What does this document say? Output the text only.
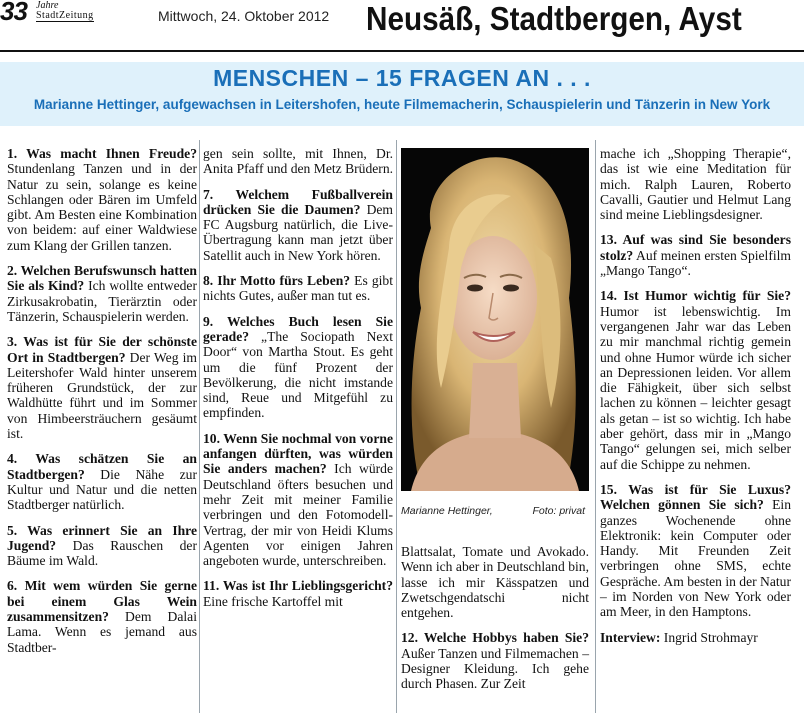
33 Jahre
StadtZeitung	Mittwoch, 24. Oktober 2012 Neusäß, Stadtbergen, Ayst
MENSCHEN – 15 FRAGEN AN . . .
Marianne Hettinger, aufgewachsen in Leitershofen, heute Filmemacherin, Schauspielerin und Tänzerin in New York

1. Was macht Ihnen Freude? Stundenlang Tanzen und in der Natur zu sein, solange es keine Schlangen oder Bären im Umfeld gibt. Am Besten eine Kombination von beidem: auf einer Waldwiese zum Klang der Grillen tanzen.

2. Welchen Berufswunsch hatten Sie als Kind? Ich wollte entweder Zirkusakrobatin, Tierärztin oder Tänzerin, Schauspielerin werden.

3. Was ist für Sie der schönste Ort in Stadtbergen? Der Weg im Leitershofer Wald hinter unserem früheren Grundstück, der zur Waldhütte führt und im Sommer von Himbeersträuchern gesäumt ist.

4. Was schätzen Sie an Stadtbergen? Die Nähe zur Kultur und Natur und die netten Stadtberger natürlich.

5. Was erinnert Sie an Ihre Jugend? Das Rauschen der Bäume im Wald.

6. Mit wem würden Sie gerne bei einem Glas Wein zusammensitzen? Dem Dalai Lama. Wenn es jemand aus Stadtber-

gen sein sollte, mit Ihnen, Dr. Anita Pfaff und den Metz Brüdern.

7. Welchem Fußballverein drücken Sie die Daumen? Dem FC Augsburg natürlich, die Live-Übertragung kann man jetzt über Satellit auch in New York hören.

8. Ihr Motto fürs Leben? Es gibt nichts Gutes, außer man tut es.

9. Welches Buch lesen Sie gerade? „The Sociopath Next Door“ von Martha Stout. Es geht um die fünf Prozent der Bevölkerung, die nicht imstande sind, Reue und Mitgefühl zu empfinden.

10. Wenn Sie nochmal von vorne anfangen dürften, was würden Sie anders machen? Ich würde Deutschland öfters besuchen und mehr Zeit mit meiner Familie verbringen und den Fotomodell-Vertrag, der mir von Heidi Klums Agenten vor einigen Jahren angeboten wurde, unterschreiben.

11. Was ist Ihr Lieblingsgericht? Eine frische Kartoffel mit

Marianne Hettinger,	Foto: privat

Blattsalat, Tomate und Avokado. Wenn ich aber in Deutschland bin, lasse ich mir Kässpatzen und Zwetschgendatschi nicht entgehen.

12. Welche Hobbys haben Sie? Außer Tanzen und Filmemachen – Designer Kleidung. Ich gehe durch Phasen. Zur Zeit

mache ich „Shopping Therapie“, das ist wie eine Meditation für mich. Ralph Lauren, Roberto Cavalli, Gautier und Helmut Lang sind meine Lieblingsdesigner.

13. Auf was sind Sie besonders stolz? Auf meinen ersten Spielfilm „Mango Tango“.

14. Ist Humor wichtig für Sie? Humor ist lebenswichtig. Im vergangenen Jahr war das Leben zu mir manchmal richtig gemein und ohne Humor würde ich sicher an Depressionen leiden. Vor allem die Fähigkeit, über sich selbst lachen zu können – leichter gesagt als getan – ist so wichtig. Ich habe aber gehört, dass mir in „Mango Tango“ gelungen sei, mich selber auf die Schippe zu nehmen.

15. Was ist für Sie Luxus? Welchen gönnen Sie sich? Ein ganzes Wochenende ohne Elektronik: kein Computer oder Handy. Mit Freunden Zeit verbringen ohne SMS, echte Gespräche. Am besten in der Natur – im Norden von New York oder am Meer, in den Hamptons.

Interview: Ingrid Strohmayr
